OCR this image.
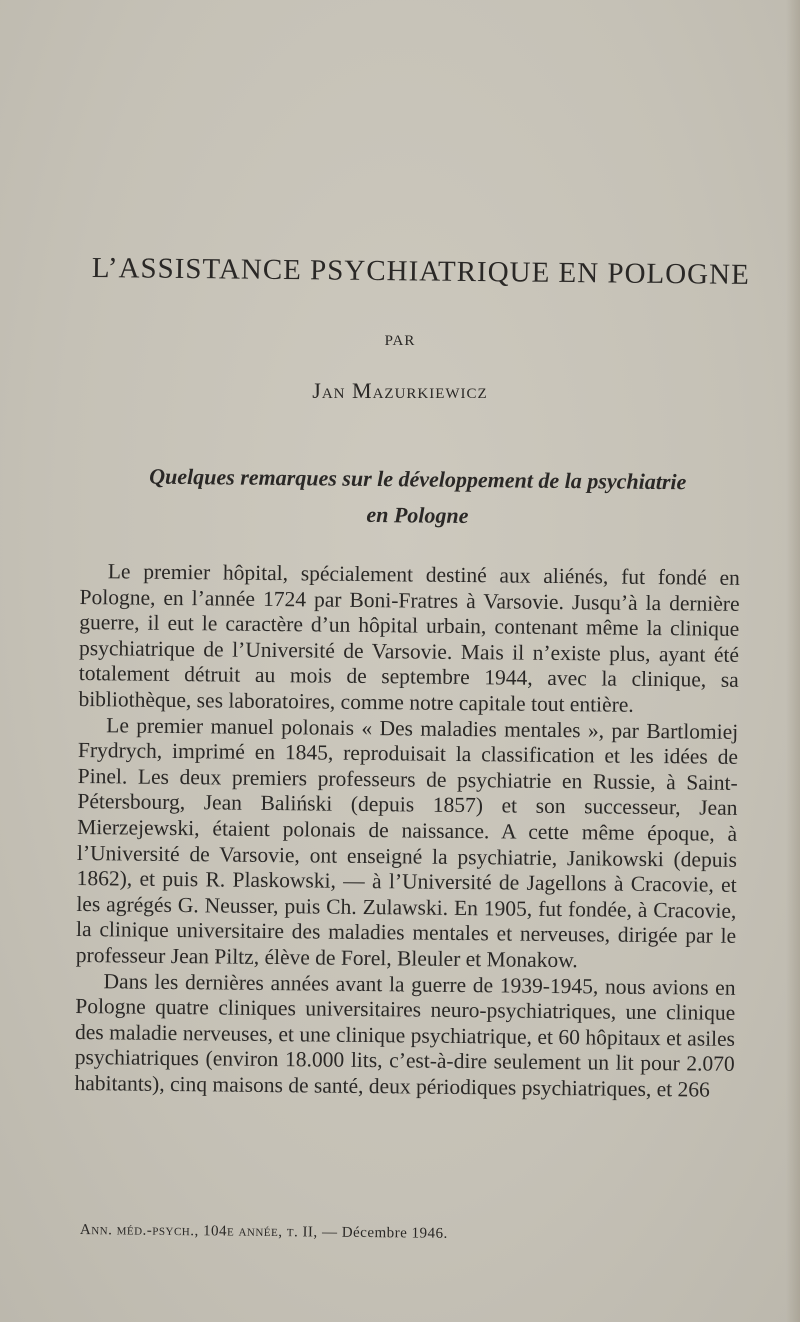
L’ASSISTANCE PSYCHIATRIQUE EN POLOGNE
PAR
Jan Mazurkiewicz
Quelques remarques sur le développement de la psychiatrie
en Pologne

Le premier hôpital, spécialement destiné aux aliénés, fut fondé en Pologne, en l’année 1724 par Boni-Fratres à Varsovie. Jusqu’à la dernière guerre, il eut le caractère d’un hôpital urbain, contenant même la clinique psychiatrique de l’Université de Varsovie. Mais il n’existe plus, ayant été totalement détruit au mois de septembre 1944, avec la clinique, sa bibliothèque, ses laboratoires, comme notre capitale tout entière.

Le premier manuel polonais « Des maladies mentales », par Bartlomiej Frydrych, imprimé en 1845, reproduisait la classification et les idées de Pinel. Les deux premiers professeurs de psychiatrie en Russie, à Saint-Pétersbourg, Jean Baliński (depuis 1857) et son successeur, Jean Mierzejewski, étaient polonais de naissance. A cette même époque, à l’Université de Varsovie, ont enseigné la psychiatrie, Janikowski (depuis 1862), et puis R. Plaskowski, — à l’Université de Jagellons à Cracovie, et les agrégés G. Neusser, puis Ch. Zulawski. En 1905, fut fondée, à Cracovie, la clinique universitaire des maladies mentales et nerveuses, dirigée par le professeur Jean Piltz, élève de Forel, Bleuler et Monakow.

Dans les dernières années avant la guerre de 1939-1945, nous avions en Pologne quatre cliniques universitaires neuro-psychiatriques, une clinique des maladie nerveuses, et une clinique psychiatrique, et 60 hôpitaux et asiles psychiatriques (environ 18.000 lits, c’est-à-dire seulement un lit pour 2.070 habitants), cinq maisons de santé, deux périodiques psychiatriques, et 266

Ann. méd.-psych., 104e année, t. II, — Décembre 1946.
